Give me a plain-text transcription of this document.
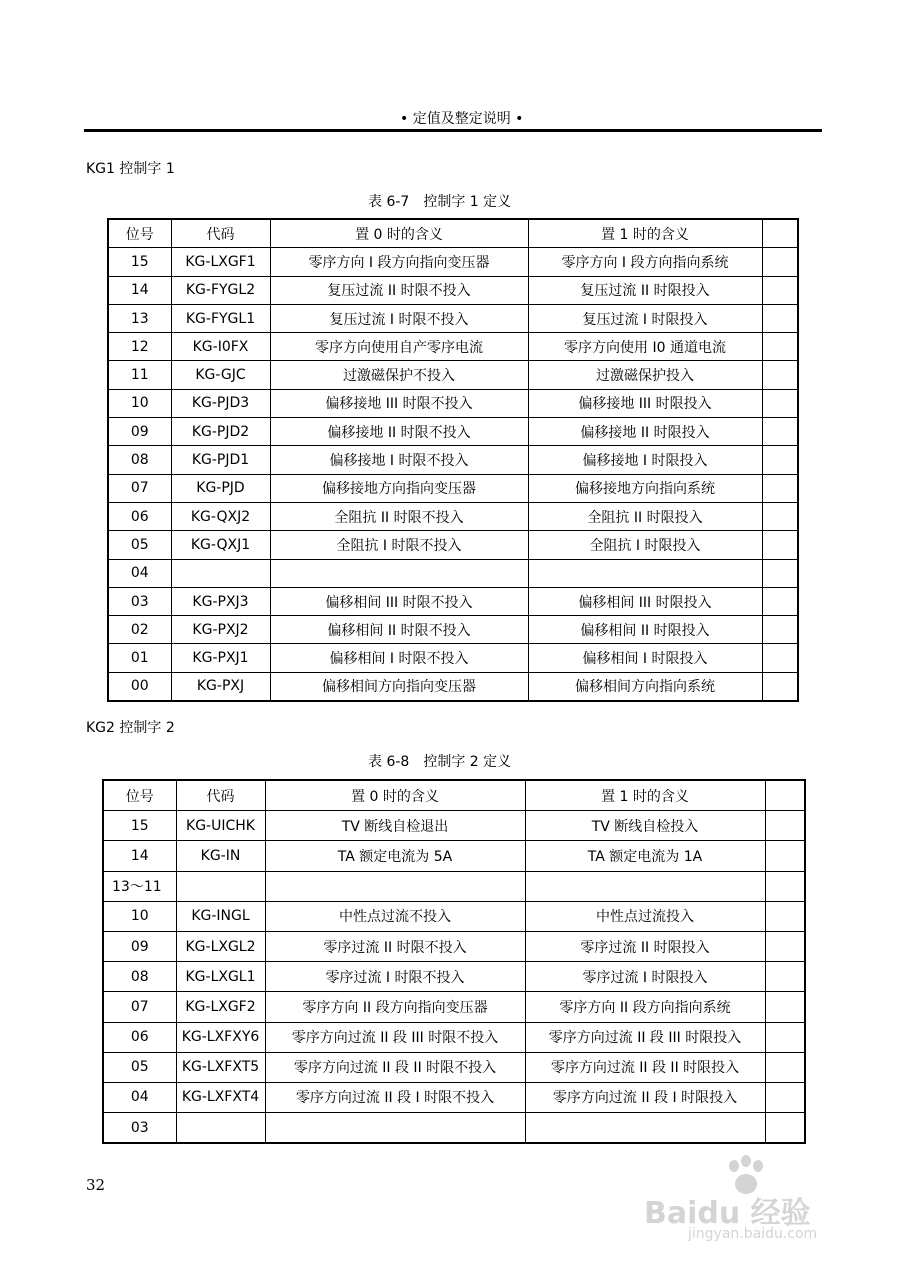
• 定值及整定说明 •
KG1 控制字 1
表 6-7　控制字 1 定义
位号	代码	置 0 时的含义	置 1 时的含义	
15	KG-LXGF1	零序方向 I 段方向指向变压器	零序方向 I 段方向指向系统	
14	KG-FYGL2	复压过流 II 时限不投入	复压过流 II 时限投入	
13	KG-FYGL1	复压过流 I 时限不投入	复压过流 I 时限投入	
12	KG-I0FX	零序方向使用自产零序电流	零序方向使用 I0 通道电流	
11	KG-GJC	过激磁保护不投入	过激磁保护投入	
10	KG-PJD3	偏移接地 III 时限不投入	偏移接地 III 时限投入	
09	KG-PJD2	偏移接地 II 时限不投入	偏移接地 II 时限投入	
08	KG-PJD1	偏移接地 I 时限不投入	偏移接地 I 时限投入	
07	KG-PJD	偏移接地方向指向变压器	偏移接地方向指向系统	
06	KG-QXJ2	全阻抗 II 时限不投入	全阻抗 II 时限投入	
05	KG-QXJ1	全阻抗 I 时限不投入	全阻抗 I 时限投入	
04				
03	KG-PXJ3	偏移相间 III 时限不投入	偏移相间 III 时限投入	
02	KG-PXJ2	偏移相间 II 时限不投入	偏移相间 II 时限投入	
01	KG-PXJ1	偏移相间 I 时限不投入	偏移相间 I 时限投入	
00	KG-PXJ	偏移相间方向指向变压器	偏移相间方向指向系统	
KG2 控制字 2
表 6-8　控制字 2 定义
位号	代码	置 0 时的含义	置 1 时的含义	
15	KG-UICHK	TV 断线自检退出	TV 断线自检投入	
14	KG-IN	TA 额定电流为 5A	TA 额定电流为 1A	
13～11				
10	KG-INGL	中性点过流不投入	中性点过流投入	
09	KG-LXGL2	零序过流 II 时限不投入	零序过流 II 时限投入	
08	KG-LXGL1	零序过流 I 时限不投入	零序过流 I 时限投入	
07	KG-LXGF2	零序方向 II 段方向指向变压器	零序方向 II 段方向指向系统	
06	KG-LXFXY6	零序方向过流 II 段 III 时限不投入	零序方向过流 II 段 III 时限投入	
05	KG-LXFXT5	零序方向过流 II 段 II 时限不投入	零序方向过流 II 段 II 时限投入	
04	KG-LXFXT4	零序方向过流 II 段 I 时限不投入	零序方向过流 II 段 I 时限投入	
03				
32
Baidu 经验
jingyan.baidu.com
